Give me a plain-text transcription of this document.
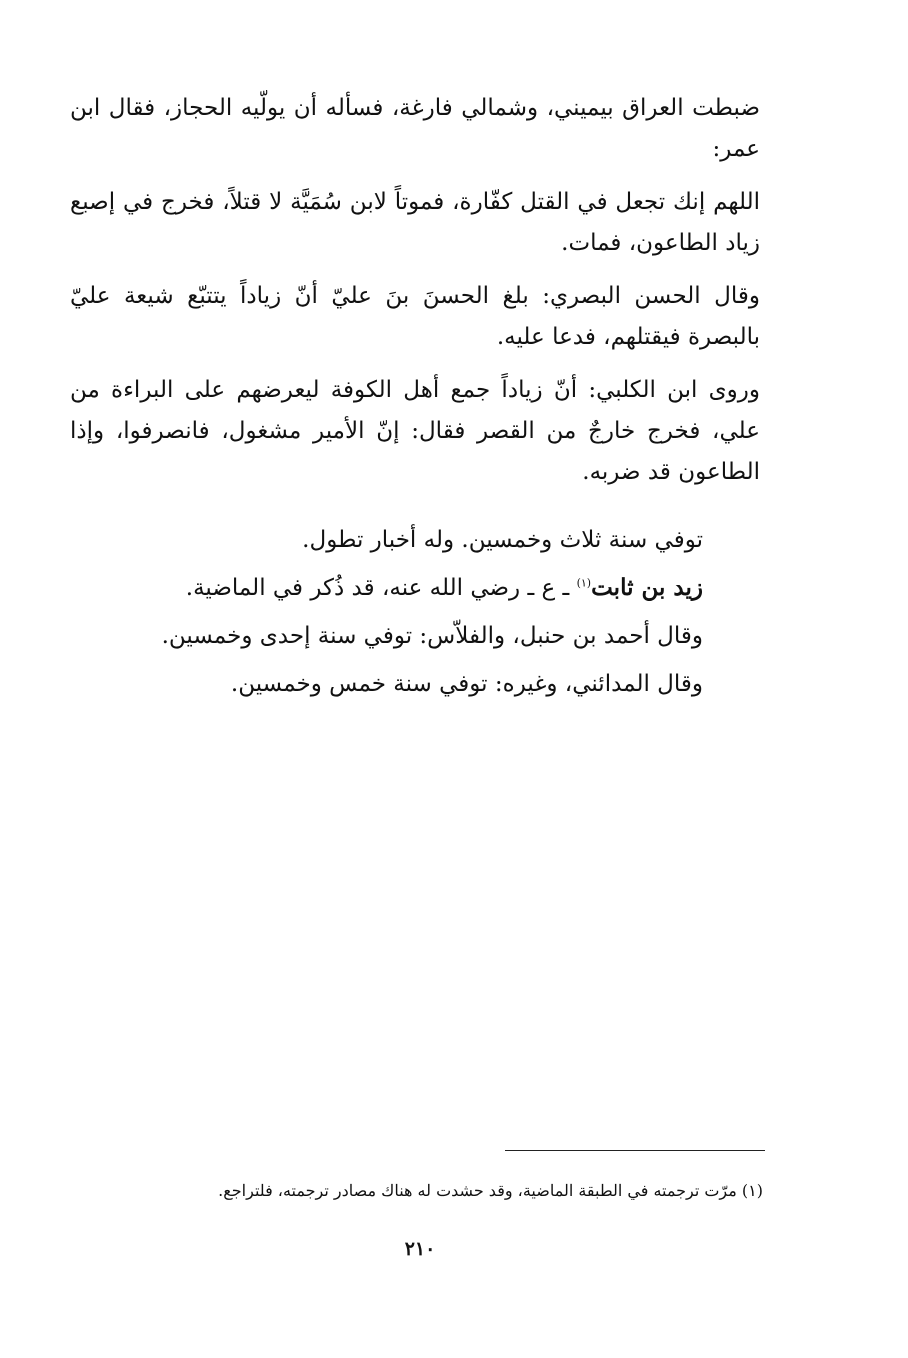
ضبطت العراق بيميني، وشمالي فارغة، فسأله أن يولّيه الحجاز، فقال ابن عمر:

اللهم إنك تجعل في القتل كفّارة، فموتاً لابن سُمَيَّة لا قتلاً، فخرج في إصبع زياد الطاعون، فمات.

وقال الحسن البصري: بلغ الحسنَ بنَ عليّ أنّ زياداً يتتبّع شيعة عليّ بالبصرة فيقتلهم، فدعا عليه.

وروى ابن الكلبي: أنّ زياداً جمع أهل الكوفة ليعرضهم على البراءة من علي، فخرج خارجٌ من القصر فقال: إنّ الأمير مشغول، فانصرفوا، وإذا الطاعون قد ضربه.

توفي سنة ثلاث وخمسين. وله أخبار تطول.

زيد بن ثابت$^{(١)}$ ـ ع ـ رضي الله عنه، قد ذُكر في الماضية.

وقال أحمد بن حنبل، والفلاّس: توفي سنة إحدى وخمسين.

وقال المدائني، وغيره: توفي سنة خمس وخمسين.

(١) مرّت ترجمته في الطبقة الماضية، وقد حشدت له هناك مصادر ترجمته، فلتراجع.
٢١٠
